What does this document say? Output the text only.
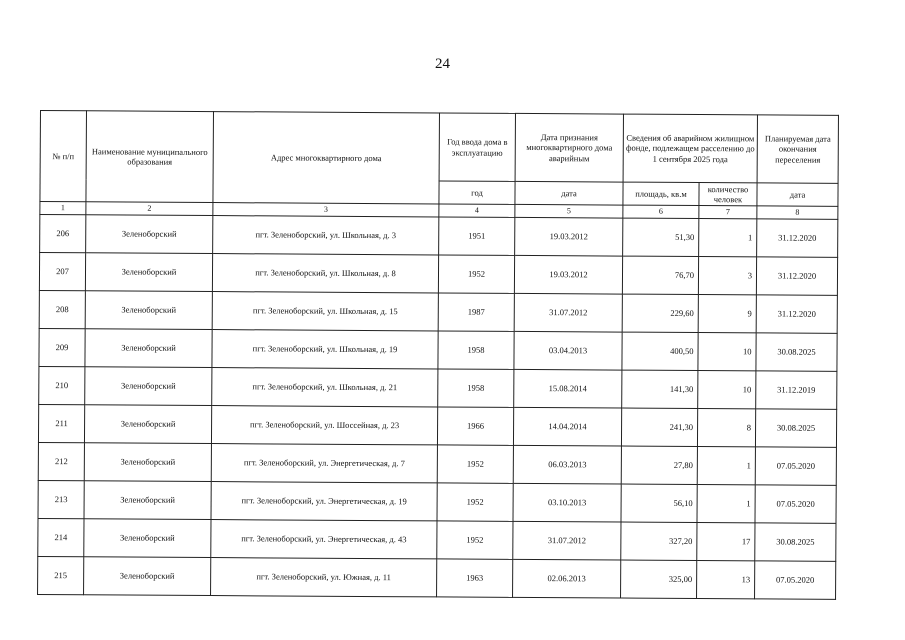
24
№ п/п	Наименование муниципального образования	Адрес многоквартирного дома	Год ввода дома в эксплуатацию	Дата признания многоквартирного дома аварийным	Сведения об аварийном жилищном фонде, подлежащем расселению до 1 сентября 2025 года		Планируемая дата окончания переселения
			год	дата	площадь, кв.м	количество человек	дата
1	2	3	4	5	6	7	8
206	Зеленоборский	пгт. Зеленоборский, ул. Школьная, д. 3	1951	19.03.2012	51,30	1	31.12.2020
207	Зеленоборский	пгт. Зеленоборский, ул. Школьная, д. 8	1952	19.03.2012	76,70	3	31.12.2020
208	Зеленоборский	пгт. Зеленоборский, ул. Школьная, д. 15	1987	31.07.2012	229,60	9	31.12.2020
209	Зеленоборский	пгт. Зеленоборский, ул. Школьная, д. 19	1958	03.04.2013	400,50	10	30.08.2025
210	Зеленоборский	пгт. Зеленоборский, ул. Школьная, д. 21	1958	15.08.2014	141,30	10	31.12.2019
211	Зеленоборский	пгт. Зеленоборский, ул. Шоссейная, д. 23	1966	14.04.2014	241,30	8	30.08.2025
212	Зеленоборский	пгт. Зеленоборский, ул. Энергетическая, д. 7	1952	06.03.2013	27,80	1	07.05.2020
213	Зеленоборский	пгт. Зеленоборский, ул. Энергетическая, д. 19	1952	03.10.2013	56,10	1	07.05.2020
214	Зеленоборский	пгт. Зеленоборский, ул. Энергетическая, д. 43	1952	31.07.2012	327,20	17	30.08.2025
215	Зеленоборский	пгт. Зеленоборский, ул. Южная, д. 11	1963	02.06.2013	325,00	13	07.05.2020
